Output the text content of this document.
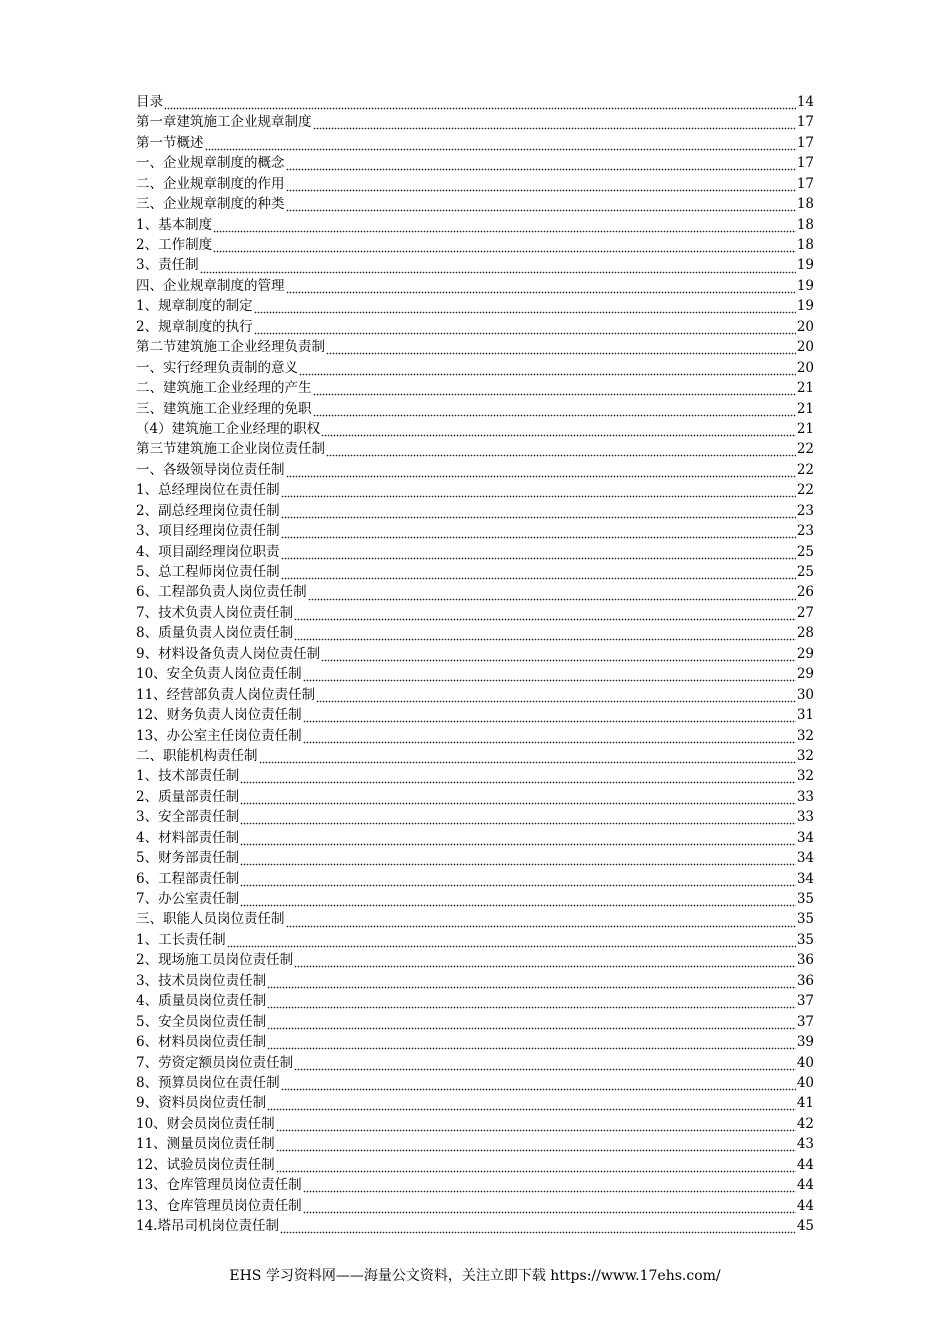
目录	14
第一章建筑施工企业规章制度	17
第一节概述	17
一、企业规章制度的概念	17
二、企业规章制度的作用	17
三、企业规章制度的种类	18
1、基本制度	18
2、工作制度	18
3、责任制	19
四、企业规章制度的管理	19
1、规章制度的制定	19
2、规章制度的执行	20
第二节建筑施工企业经理负责制	20
一、实行经理负责制的意义	20
二、建筑施工企业经理的产生	21
三、建筑施工企业经理的免职	21
（4）建筑施工企业经理的职权	21
第三节建筑施工企业岗位责任制	22
一、各级领导岗位责任制	22
1、总经理岗位在责任制	22
2、副总经理岗位责任制	23
3、项目经理岗位责任制	23
4、项目副经理岗位职责	25
5、总工程师岗位责任制	25
6、工程部负责人岗位责任制	26
7、技术负责人岗位责任制	27
8、质量负责人岗位责任制	28
9、材料设备负责人岗位责任制	29
10、安全负责人岗位责任制	29
11、经营部负责人岗位责任制	30
12、财务负责人岗位责任制	31
13、办公室主任岗位责任制	32
二、职能机构责任制	32
1、技术部责任制	32
2、质量部责任制	33
3、安全部责任制	33
4、材料部责任制	34
5、财务部责任制	34
6、工程部责任制	34
7、办公室责任制	35
三、职能人员岗位责任制	35
1、工长责任制	35
2、现场施工员岗位责任制	36
3、技术员岗位责任制	36
4、质量员岗位责任制	37
5、安全员岗位责任制	37
6、材料员岗位责任制	39
7、劳资定额员岗位责任制	40
8、预算员岗位在责任制	40
9、资料员岗位责任制	41
10、财会员岗位责任制	42
11、测量员岗位责任制	43
12、试验员岗位责任制	44
13、仓库管理员岗位责任制	44
13、仓库管理员岗位责任制	44
14.塔吊司机岗位责任制	45
EHS 学习资料网——海量公文资料，关注立即下载 https://www.17ehs.com/
